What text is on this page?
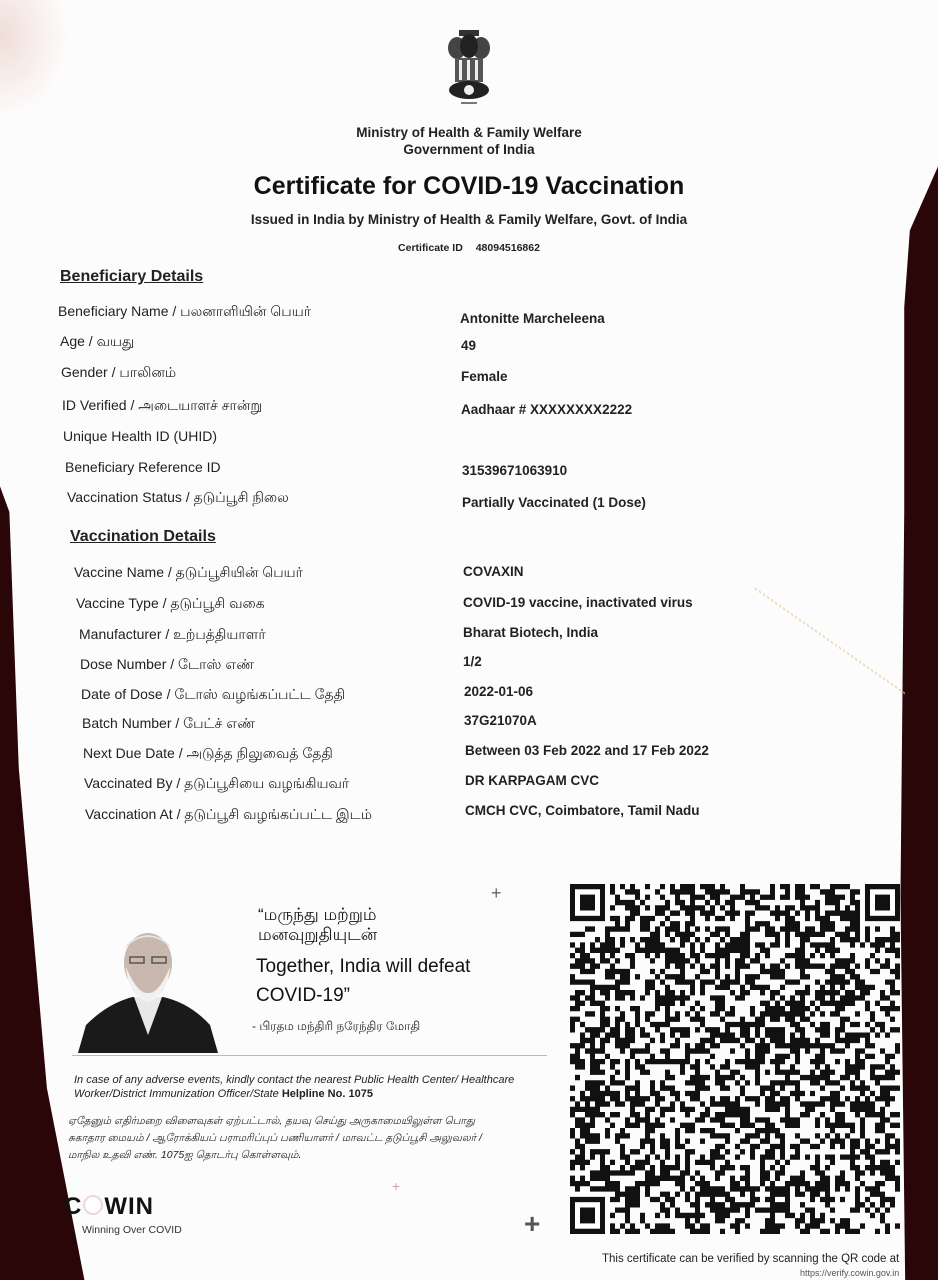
Ministry of Health & Family Welfare
Government of India
Certificate for COVID-19 Vaccination
Issued in India by Ministry of Health & Family Welfare, Govt. of India
Certificate ID 48094516862
Beneficiary Details
Beneficiary Name / பலனாளியின் பெயர்	Antonitte Marcheleena
Age / வயது	49
Gender / பாலினம்	Female
ID Verified / அடையாளச் சான்று	Aadhaar # XXXXXXXX2222
Unique Health ID (UHID)
Beneficiary Reference ID	31539671063910
Vaccination Status / தடுப்பூசி நிலை	Partially Vaccinated (1 Dose)
Vaccination Details
Vaccine Name / தடுப்பூசியின் பெயர்	COVAXIN
Vaccine Type / தடுப்பூசி வகை	COVID-19 vaccine, inactivated virus
Manufacturer / உற்பத்தியாளர்	Bharat Biotech, India
Dose Number / டோஸ் எண்	1/2
Date of Dose / டோஸ் வழங்கப்பட்ட தேதி	2022-01-06
Batch Number / பேட்ச் எண்	37G21070A
Next Due Date / அடுத்த நிலுவைத் தேதி	Between 03 Feb 2022 and 17 Feb 2022
Vaccinated By / தடுப்பூசியை வழங்கியவர்	DR KARPAGAM CVC
Vaccination At / தடுப்பூசி வழங்கப்பட்ட இடம்	CMCH CVC, Coimbatore, Tamil Nadu
+
“மருந்து மற்றும்
மனவுறுதியுடன்
Together, India will defeat
COVID-19”
- பிரதம மந்திரி நரேந்திர மோதி
In case of any adverse events, kindly contact the nearest Public Health Center/ Healthcare Worker/District Immunization Officer/State Helpline No. 1075
ஏதேனும் எதிர்மறை விளைவுகள் ஏற்பட்டால், தயவு செய்து அருகாமையிலுள்ள பொது
சுகாதார மையம் / ஆரோக்கியப் பராமரிப்புப் பணியாளர் / மாவட்ட தடுப்பூசி அலுவலர் /
மாநில உதவி எண். 1075ஐ தொடர்பு கொள்ளவும்.
C WIN
Winning Over COVID
+
+
This certificate can be verified by scanning the QR code at
https://verify.cowin.gov.in
